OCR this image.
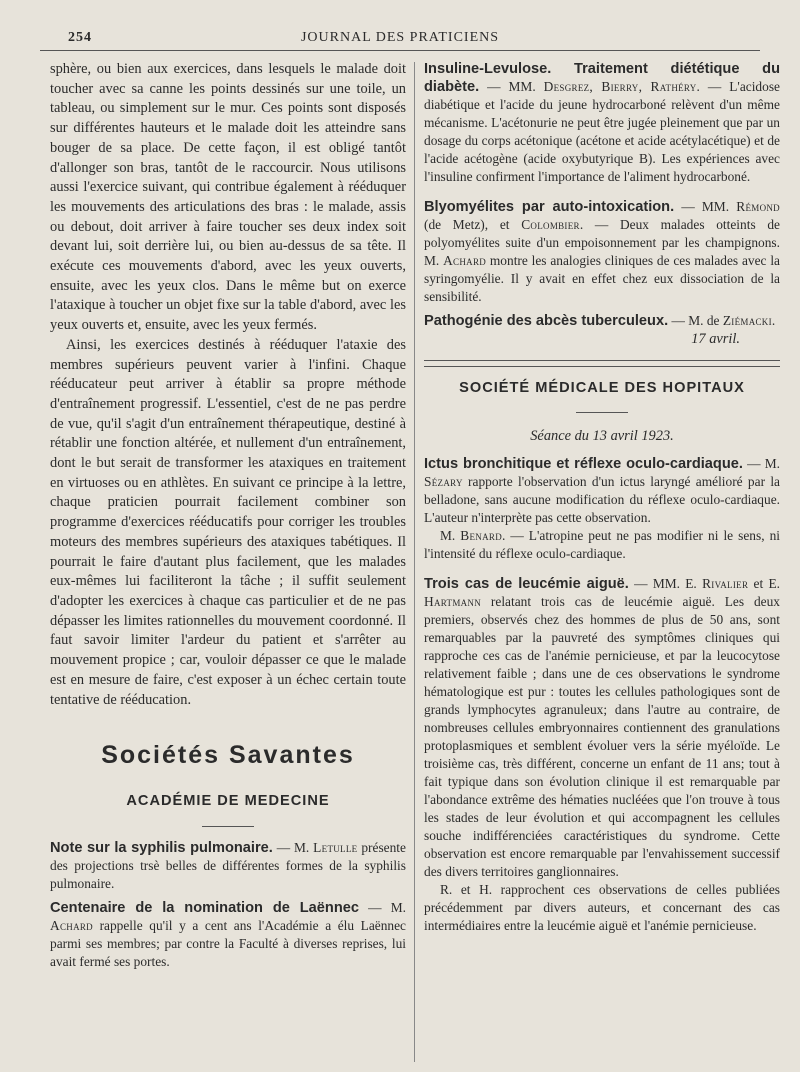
254	JOURNAL DES PRATICIENS

sphère, ou bien aux exercices, dans lesquels le malade doit toucher avec sa canne les points dessinés sur une toile, un tableau, ou simplement sur le mur. Ces points sont disposés sur différentes hauteurs et le malade doit les atteindre sans bouger de sa place. De cette façon, il est obligé tantôt d'allonger son bras, tantôt de le raccourcir. Nous utilisons aussi l'exercice suivant, qui contribue également à rééduquer les mouvements des articulations des bras : le malade, assis ou debout, doit arriver à faire toucher ses deux index soit devant lui, soit derrière lui, ou bien au-dessus de sa tête. Il exécute ces mouvements d'abord, avec les yeux ouverts, ensuite, avec les yeux clos. Dans le même but on exerce l'ataxique à toucher un objet fixe sur la table d'abord, avec les yeux ouverts et, ensuite, avec les yeux fermés.

Ainsi, les exercices destinés à rééduquer l'ataxie des membres supérieurs peuvent varier à l'infini. Chaque rééducateur peut arriver à établir sa propre méthode d'entraînement progressif. L'essentiel, c'est de ne pas perdre de vue, qu'il s'agit d'un entraînement thérapeutique, destiné à rétablir une fonction altérée, et nullement d'un entraînement, dont le but serait de transformer les ataxiques en traitement en virtuoses ou en athlètes. En suivant ce principe à la lettre, chaque praticien pourrait facilement combiner son programme d'exercices rééducatifs pour corriger les troubles moteurs des membres supérieurs des ataxiques tabétiques. Il pourrait le faire d'autant plus facilement, que les malades eux-mêmes lui faciliteront la tâche ; il suffit seulement d'adopter les exercices à chaque cas particulier et de ne pas dépasser les limites rationnelles du mouvement coordonné. Il faut savoir limiter l'ardeur du patient et s'arrêter au mouvement propice ; car, vouloir dépasser ce que le malade est en mesure de faire, c'est exposer à un échec certain toute tentative de rééducation.

Sociétés Savantes
ACADÉMIE DE MEDECINE

Note sur la syphilis pulmonaire. — M. Letulle présente des projections trsè belles de différentes formes de la syphilis pulmonaire.

Centenaire de la nomination de Laënnec — M. Achard rappelle qu'il y a cent ans l'Académie a élu Laënnec parmi ses membres; par contre la Faculté à diverses reprises, lui avait fermé ses portes.

Insuline-Levulose. Traitement diététique du diabète. — MM. Desgrez, Bierry, Rathéry. — L'acidose diabétique et l'acide du jeune hydrocarboné relèvent d'un même mécanisme. L'acétonurie ne peut être jugée pleinement que par un dosage du corps acétonique (acétone et acide acétylacétique) et de l'acide acétogène (acide oxybutyrique B). Les expériences avec l'insuline confirment l'importance de l'aliment hydrocarboné.

Blyomyélites par auto-intoxication. — MM. Rémond (de Metz), et Colombier. — Deux malades otteints de polyomyélites suite d'un empoisonnement par les champignons. M. Achard montre les analogies cliniques de ces malades avec la syringomyélie. Il y avait en effet chez eux dissociation de la sensibilité.

Pathogénie des abcès tuberculeux. — M. de Ziémacki.

17 avril.

SOCIÉTÉ MÉDICALE DES HOPITAUX

Séance du 13 avril 1923.

Ictus bronchitique et réflexe oculo-cardiaque. — M. Sézary rapporte l'observation d'un ictus laryngé amélioré par la belladone, sans aucune modification du réflexe oculo-cardiaque. L'auteur n'interprète pas cette observation.

M. Benard. — L'atropine peut ne pas modifier ni le sens, ni l'intensité du réflexe oculo-cardiaque.

Trois cas de leucémie aiguë. — MM. E. Rivalier et E. Hartmann relatant trois cas de leucémie aiguë. Les deux premiers, observés chez des hommes de plus de 50 ans, sont remarquables par la pauvreté des symptômes cliniques qui rapproche ces cas de l'anémie pernicieuse, et par la leucocytose relativement faible ; dans une de ces observations le syndrome hématologique est pur : toutes les cellules pathologiques sont de grands lymphocytes agranuleux; dans l'autre au contraire, de nombreuses cellules embryonnaires contiennent des granulations protoplasmiques et semblent évoluer vers la série myéloïde. Le troisième cas, très différent, concerne un enfant de 11 ans; tout à fait typique dans son évolution clinique il est remarquable par l'abondance extrême des hématies nucléées que l'on trouve à tous les stades de leur évolution et qui accompagnent les cellules souche indifférenciées caractéristiques du syndrome. Cette observation est encore remarquable par l'envahissement successif des divers territoires ganglionnaires.

R. et H. rapprochent ces observations de celles publiées précédemment par divers auteurs, et concernant des cas intermédiaires entre la leucémie aiguë et l'anémie pernicieuse.
